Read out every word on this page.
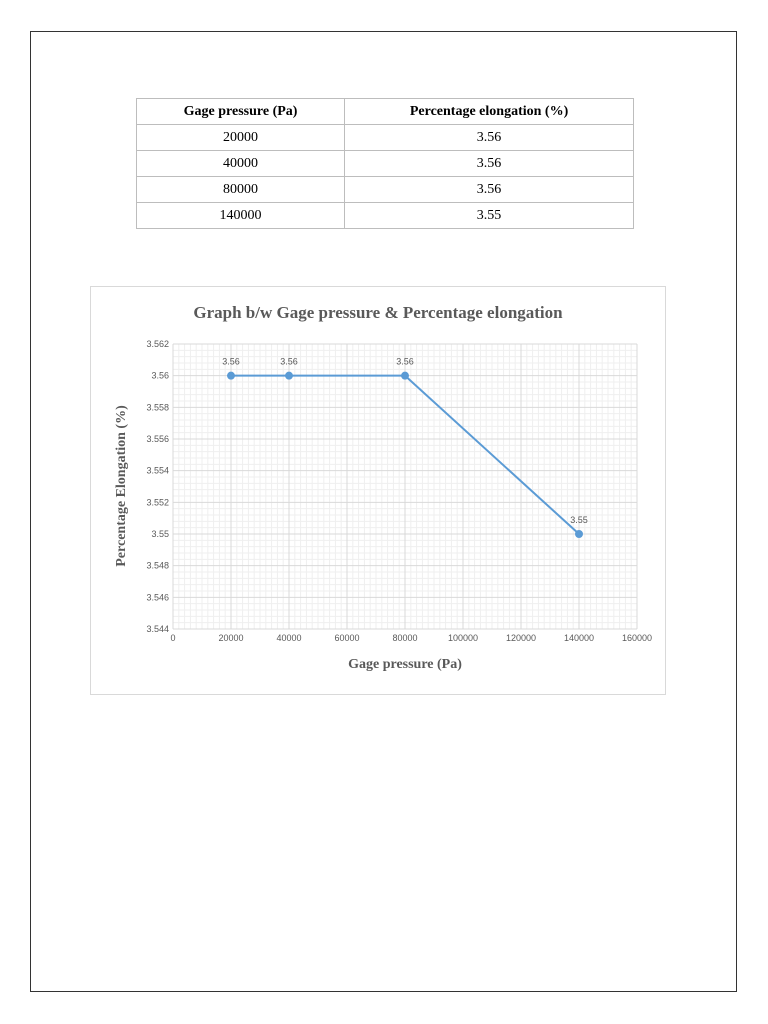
Gage pressure (Pa)	Percentage elongation (%)
20000	3.56
40000	3.56
80000	3.56
140000	3.55
Graph b/w Gage pressure & Percentage elongation
0	20000	40000	60000	80000	100000	120000	140000	160000
3.544
3.546
3.548
3.55
3.552
3.554
3.556
3.558
3.56
3.562
3.56	3.56	3.56
3.55
Percentage Elongation (%)
Gage pressure (Pa)
